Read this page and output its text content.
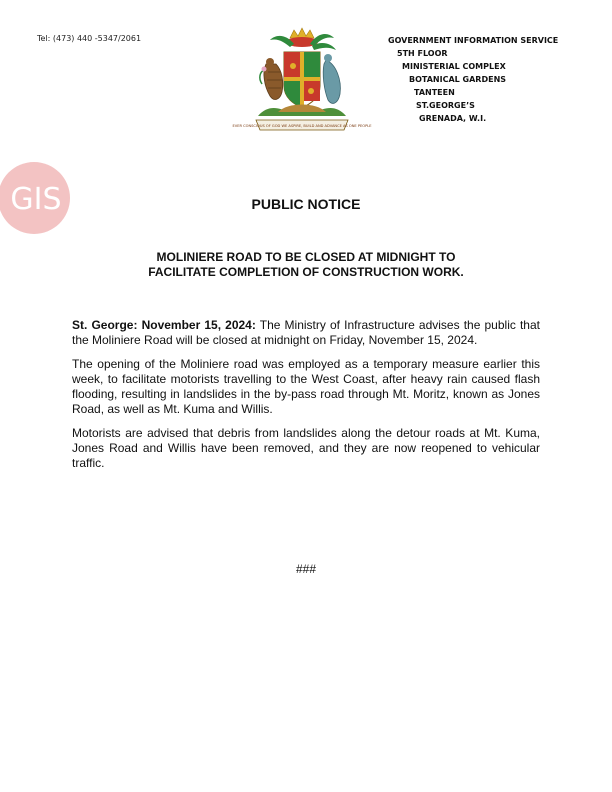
Tel: (473) 440 -5347/2061	GOVERNMENT INFORMATION SERVICE
5TH FLOOR
MINISTERIAL COMPLEX
BOTANICAL GARDENS
TANTEEN
ST.GEORGE’S
GRENADA, W.I.
EVER CONSCIOUS OF GOD WE ASPIRE, BUILD AND ADVANCE AS ONE PEOPLE
GIS	PUBLIC NOTICE
MOLINIERE ROAD TO BE CLOSED AT MIDNIGHT TO
FACILITATE COMPLETION OF CONSTRUCTION WORK.

St. George: November 15, 2024: The Ministry of Infrastructure advises the public that the Moliniere Road will be closed at midnight on Friday, November 15, 2024.

The opening of the Moliniere road was employed as a temporary measure earlier this week, to facilitate motorists travelling to the West Coast, after heavy rain caused flash flooding, resulting in landslides in the by-pass road through Mt. Moritz, known as Jones Road, as well as Mt. Kuma and Willis.

Motorists are advised that debris from landslides along the detour roads at Mt. Kuma, Jones Road and Willis have been removed, and they are now reopened to vehicular traffic.

###
